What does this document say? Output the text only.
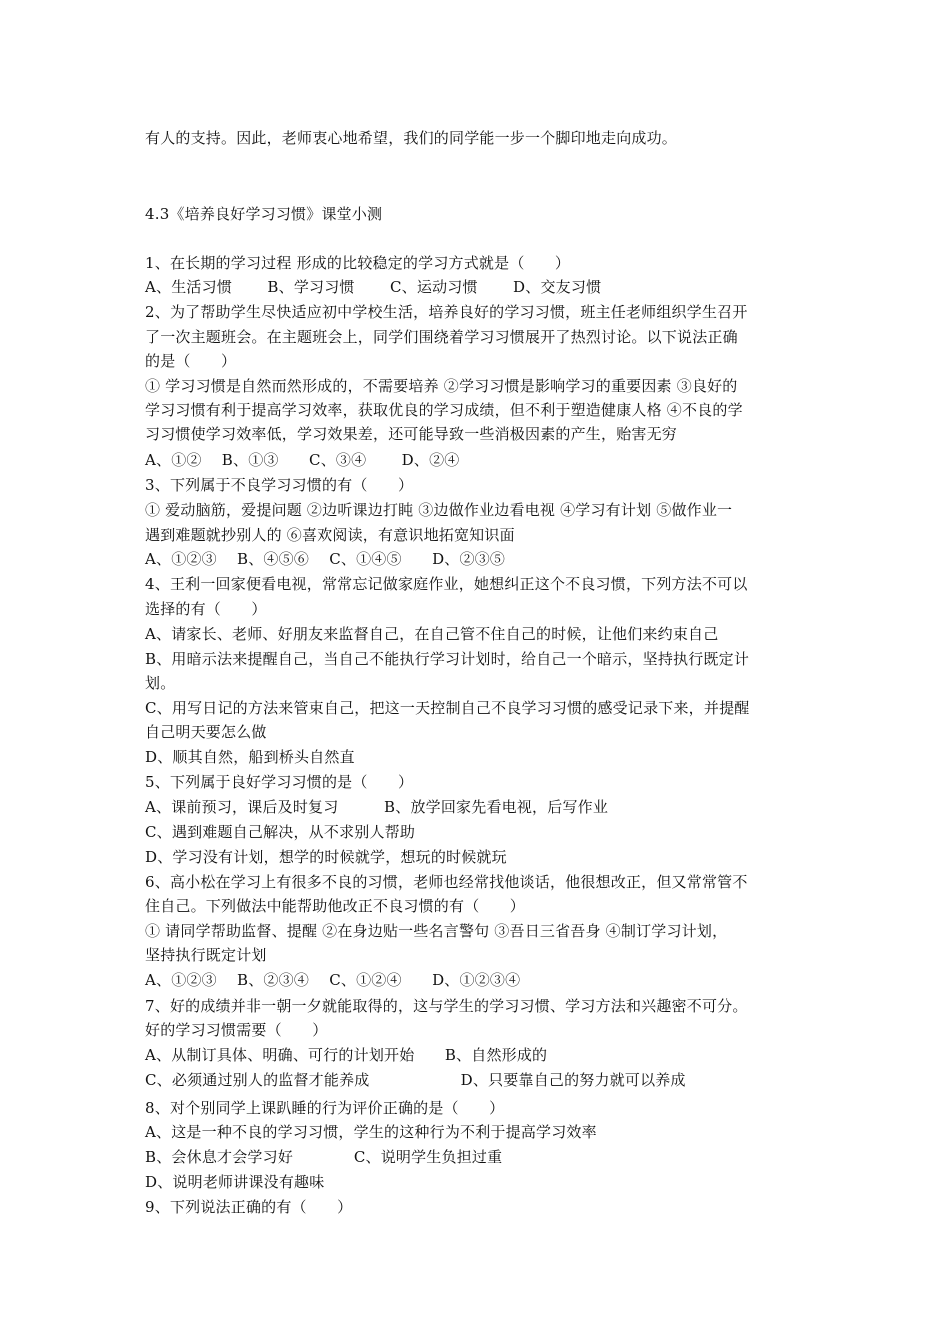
有人的支持。因此，老师衷心地希望，我们的同学能一步一个脚印地走向成功。
4.3《培养良好学习习惯》课堂小测
1、在长期的学习过程 形成的比较稳定的学习方式就是（　　）
A、生活习惯　　 B、学习习惯　　 C、运动习惯　　 D、交友习惯
2、为了帮助学生尽快适应初中学校生活，培养良好的学习习惯，班主任老师组织学生召开
了一次主题班会。在主题班会上，同学们围绕着学习习惯展开了热烈讨论。以下说法正确
的是（　　）
① 学习习惯是自然而然形成的，不需要培养 ②学习习惯是影响学习的重要因素 ③良好的
学习习惯有利于提高学习效率，获取优良的学习成绩，但不利于塑造健康人格 ④不良的学
习习惯使学习效率低，学习效果差，还可能导致一些消极因素的产生，贻害无穷
A、①②　 B、①③　　C、③④　　 D、②④
3、下列属于不良学习习惯的有（　　）
① 爱动脑筋，爱提问题 ②边听课边打盹 ③边做作业边看电视 ④学习有计划 ⑤做作业一
遇到难题就抄别人的 ⑥喜欢阅读，有意识地拓宽知识面
A、①②③　 B、④⑤⑥　 C、①④⑤　　D、②③⑤
4、王利一回家便看电视，常常忘记做家庭作业，她想纠正这个不良习惯，下列方法不可以
选择的有（　　）
A、请家长、老师、好朋友来监督自己，在自己管不住自己的时候，让他们来约束自己
B、用暗示法来提醒自己，当自己不能执行学习计划时，给自己一个暗示，坚持执行既定计
划。
C、用写日记的方法来管束自己，把这一天控制自己不良学习习惯的感受记录下来，并提醒
自己明天要怎么做
D、顺其自然，船到桥头自然直
5、下列属于良好学习习惯的是（　　）
A、课前预习，课后及时复习　　　B、放学回家先看电视，后写作业
C、遇到难题自己解决，从不求别人帮助
D、学习没有计划，想学的时候就学，想玩的时候就玩
6、高小松在学习上有很多不良的习惯，老师也经常找他谈话，他很想改正，但又常常管不
住自己。下列做法中能帮助他改正不良习惯的有（　　）
① 请同学帮助监督、提醒 ②在身边贴一些名言警句 ③吾日三省吾身 ④制订学习计划，
坚持执行既定计划
A、①②③　 B、②③④　 C、①②④　　D、①②③④
7、好的成绩并非一朝一夕就能取得的，这与学生的学习习惯、学习方法和兴趣密不可分。
好的学习习惯需要（　　）
A、从制订具体、明确、可行的计划开始　　B、自然形成的
C、必须通过别人的监督才能养成　　　　　　D、只要靠自己的努力就可以养成
8、对个别同学上课趴睡的行为评价正确的是（　　）
A、这是一种不良的学习习惯，学生的这种行为不利于提高学习效率
B、会休息才会学习好　　　　C、说明学生负担过重
D、说明老师讲课没有趣味
9、下列说法正确的有（　　）
